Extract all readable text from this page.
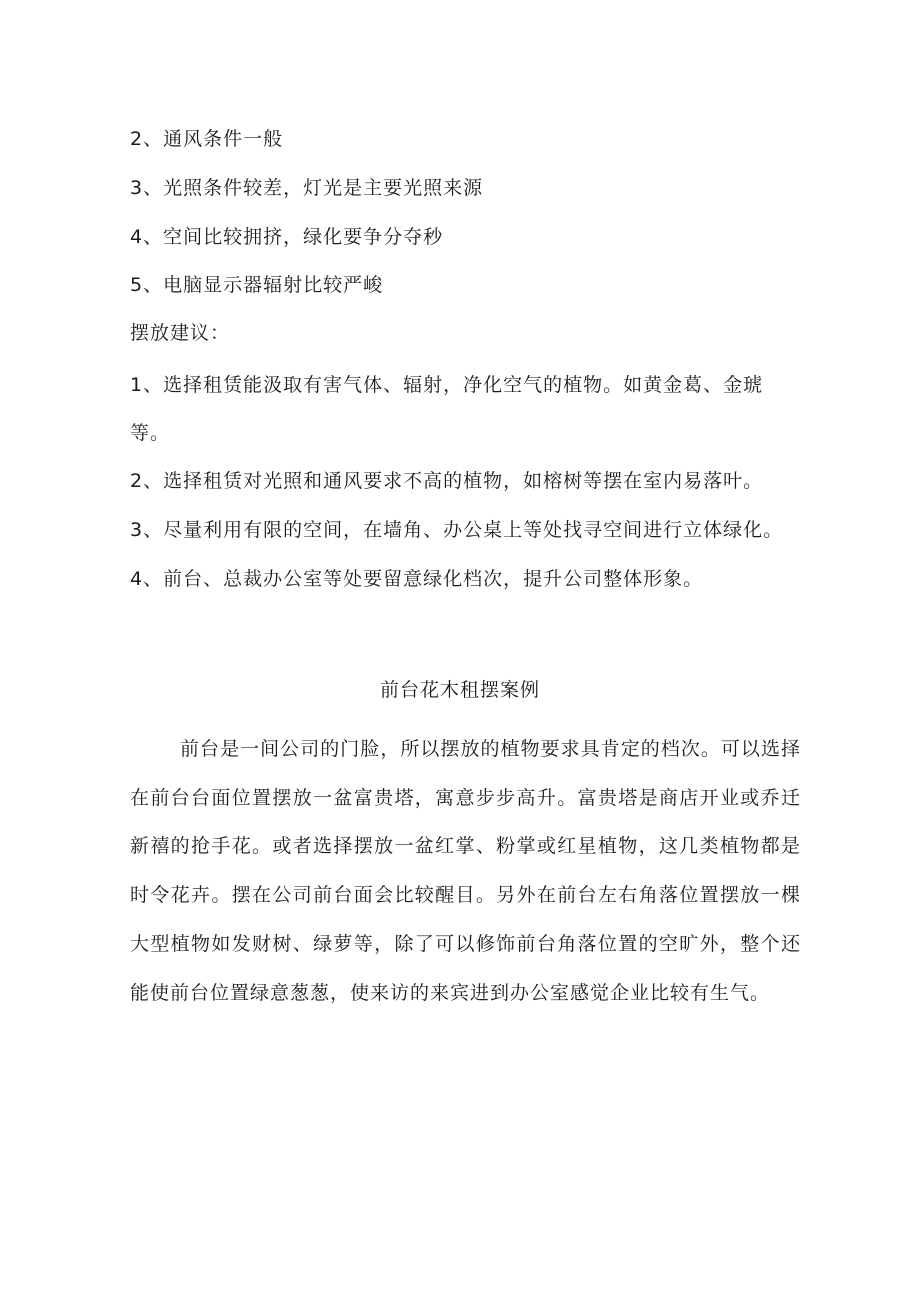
2、通风条件一般
3、光照条件较差，灯光是主要光照来源
4、空间比较拥挤，绿化要争分夺秒
5、电脑显示器辐射比较严峻
摆放建议：
1、选择租赁能汲取有害气体、辐射，净化空气的植物。如黄金葛、金琥
等。
2、选择租赁对光照和通风要求不高的植物，如榕树等摆在室内易落叶。
3、尽量利用有限的空间，在墙角、办公桌上等处找寻空间进行立体绿化。
4、前台、总裁办公室等处要留意绿化档次，提升公司整体形象。
前台花木租摆案例
前台是一间公司的门脸，所以摆放的植物要求具肯定的档次。可以选择
在前台台面位置摆放一盆富贵塔，寓意步步高升。富贵塔是商店开业或乔迁
新禧的抢手花。或者选择摆放一盆红掌、粉掌或红星植物，这几类植物都是
时令花卉。摆在公司前台面会比较醒目。另外在前台左右角落位置摆放一棵
大型植物如发财树、绿萝等，除了可以修饰前台角落位置的空旷外，整个还
能使前台位置绿意葱葱，使来访的来宾进到办公室感觉企业比较有生气。
